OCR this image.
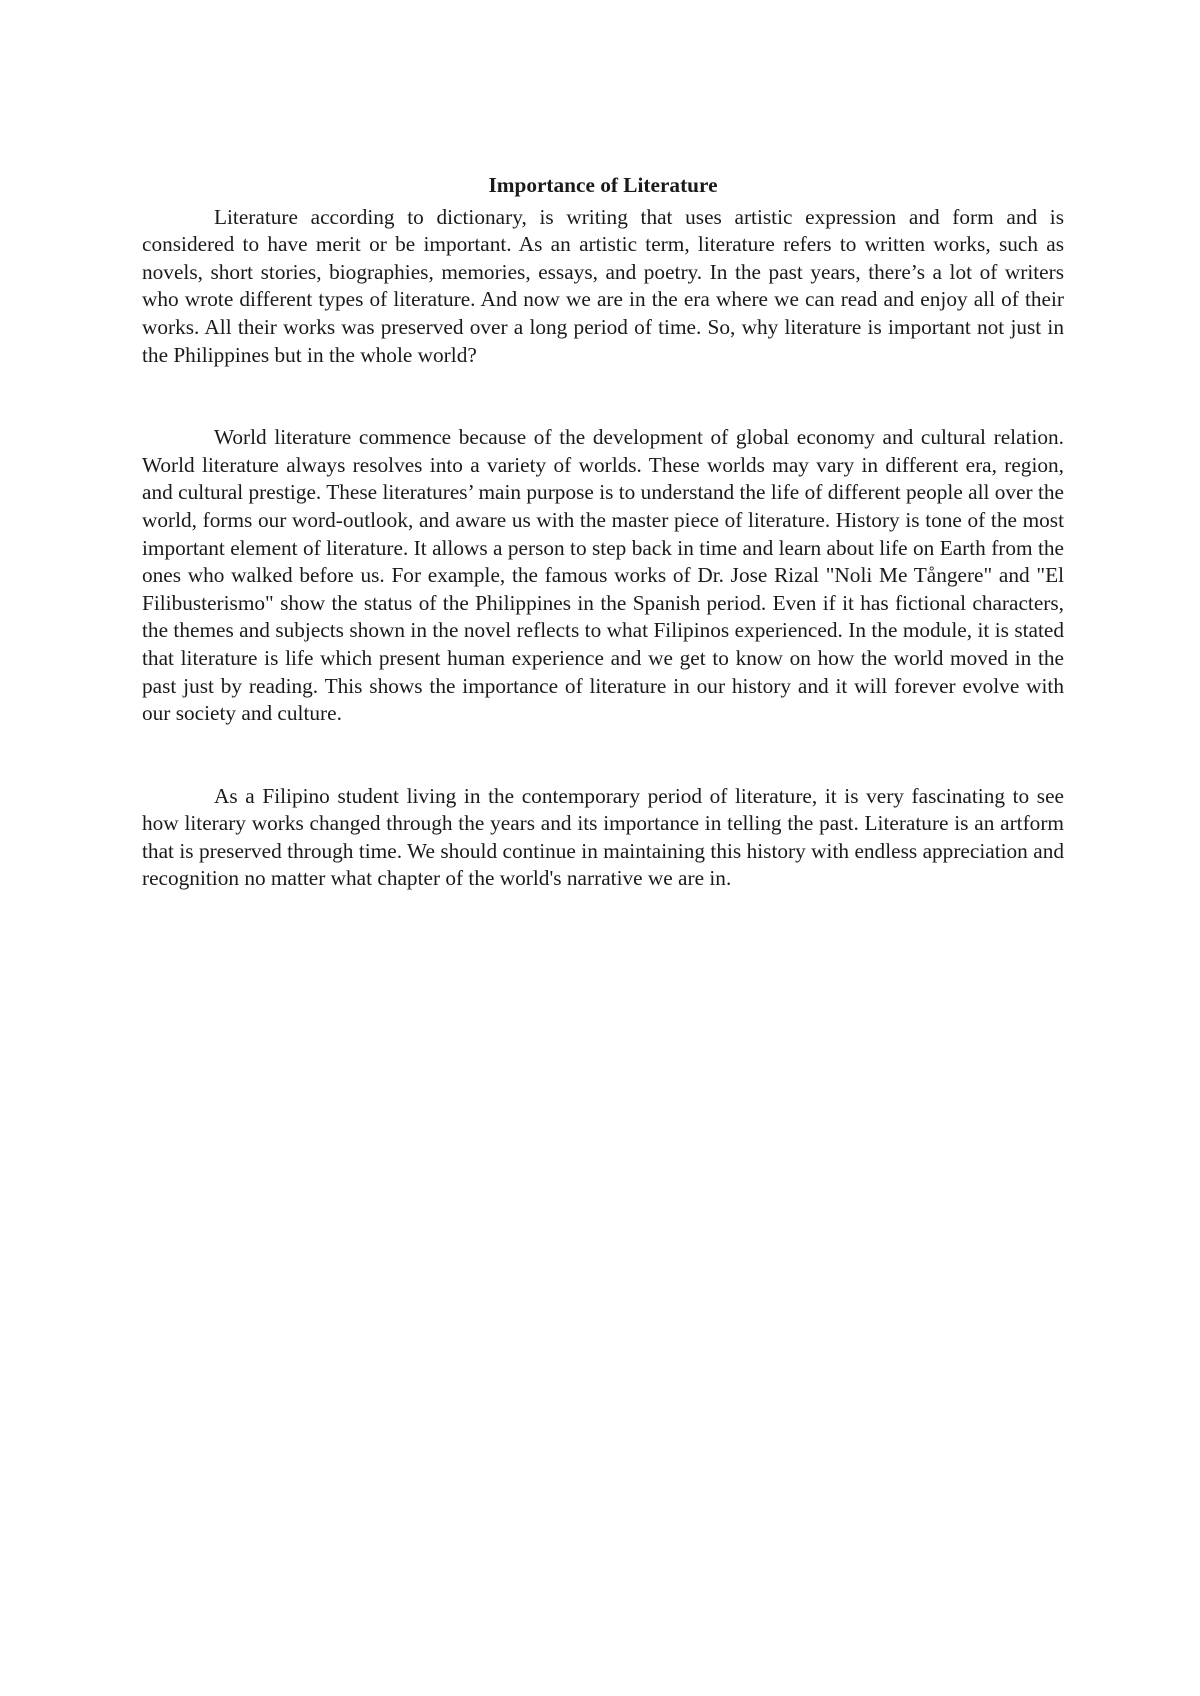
Importance of Literature

Literature according to dictionary, is writing that uses artistic expression and form and is considered to have merit or be important. As an artistic term, literature refers to written works, such as novels, short stories, biographies, memories, essays, and poetry. In the past years, there’s a lot of writers who wrote different types of literature. And now we are in the era where we can read and enjoy all of their works. All their works was preserved over a long period of time. So, why literature is important not just in the Philippines but in the whole world?

World literature commence because of the development of global economy and cultural relation. World literature always resolves into a variety of worlds. These worlds may vary in different era, region, and cultural prestige. These literatures’ main purpose is to understand the life of different people all over the world, forms our word-outlook, and aware us with the master piece of literature. History is tone of the most important element of literature. It allows a person to step back in time and learn about life on Earth from the ones who walked before us. For example, the famous works of Dr. Jose Rizal "Noli Me Tångere" and "El Filibusterismo" show the status of the Philippines in the Spanish period. Even if it has fictional characters, the themes and subjects shown in the novel reflects to what Filipinos experienced. In the module, it is stated that literature is life which present human experience and we get to know on how the world moved in the past just by reading. This shows the importance of literature in our history and it will forever evolve with our society and culture.

As a Filipino student living in the contemporary period of literature, it is very fascinating to see how literary works changed through the years and its importance in telling the past. Literature is an artform that is preserved through time. We should continue in maintaining this history with endless appreciation and recognition no matter what chapter of the world's narrative we are in.
